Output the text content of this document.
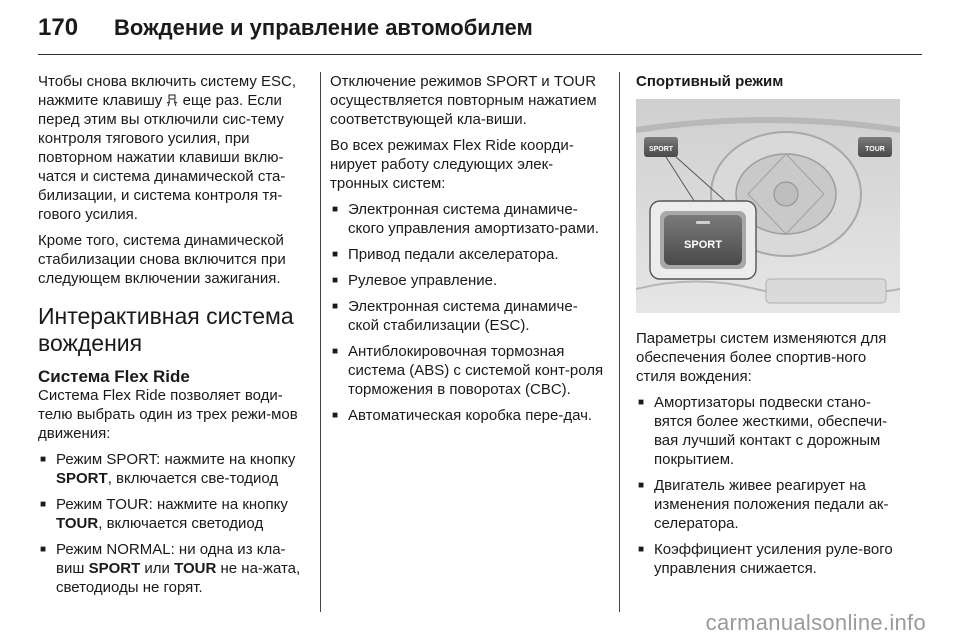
170 Вождение и управление автомобилем

Чтобы снова включить систему ESC, нажмите клавишу еще раз. Если перед этим вы отключили сис-тему контроля тягового усилия, при повторном нажатии клавиши вклю-чатся и система динамической ста-билизации, и система контроля тя-гового усилия.

Кроме того, система динамической стабилизации снова включится при следующем включении зажигания.

Интерактивная система вождения
Система Flex Ride

Система Flex Ride позволяет води-телю выбрать один из трех режи-мов движения:

■ Режим SPORT: нажмите на кнопку SPORT, включается све-тодиод
■ Режим TOUR: нажмите на кнопку TOUR, включается светодиод
■ Режим NORMAL: ни одна из кла-виш SPORT или TOUR не на-жата, светодиоды не горят.

Отключение режимов SPORT и TOUR осуществляется повторным нажатием соответствующей кла-виши.

Во всех режимах Flex Ride коорди-нирует работу следующих элек-тронных систем:

■ Электронная система динамиче-ского управления амортизато-рами.
■ Привод педали акселератора.
■ Рулевое управление.
■ Электронная система динамиче-ской стабилизации (ESC).
■ Антиблокировочная тормозная система (ABS) с системой конт-роля торможения в поворотах (CBC).
■ Автоматическая коробка пере-дач.
Спортивный режим
SPORT	TOUR
SPORT

Параметры систем изменяются для обеспечения более спортив-ного стиля вождения:

■ Амортизаторы подвески стано-вятся более жесткими, обеспечи-вая лучший контакт с дорожным покрытием.
■ Двигатель живее реагирует на изменения положения педали ак-селератора.
■ Коэффициент усиления руле-вого управления снижается.
carmanualsonline.info
